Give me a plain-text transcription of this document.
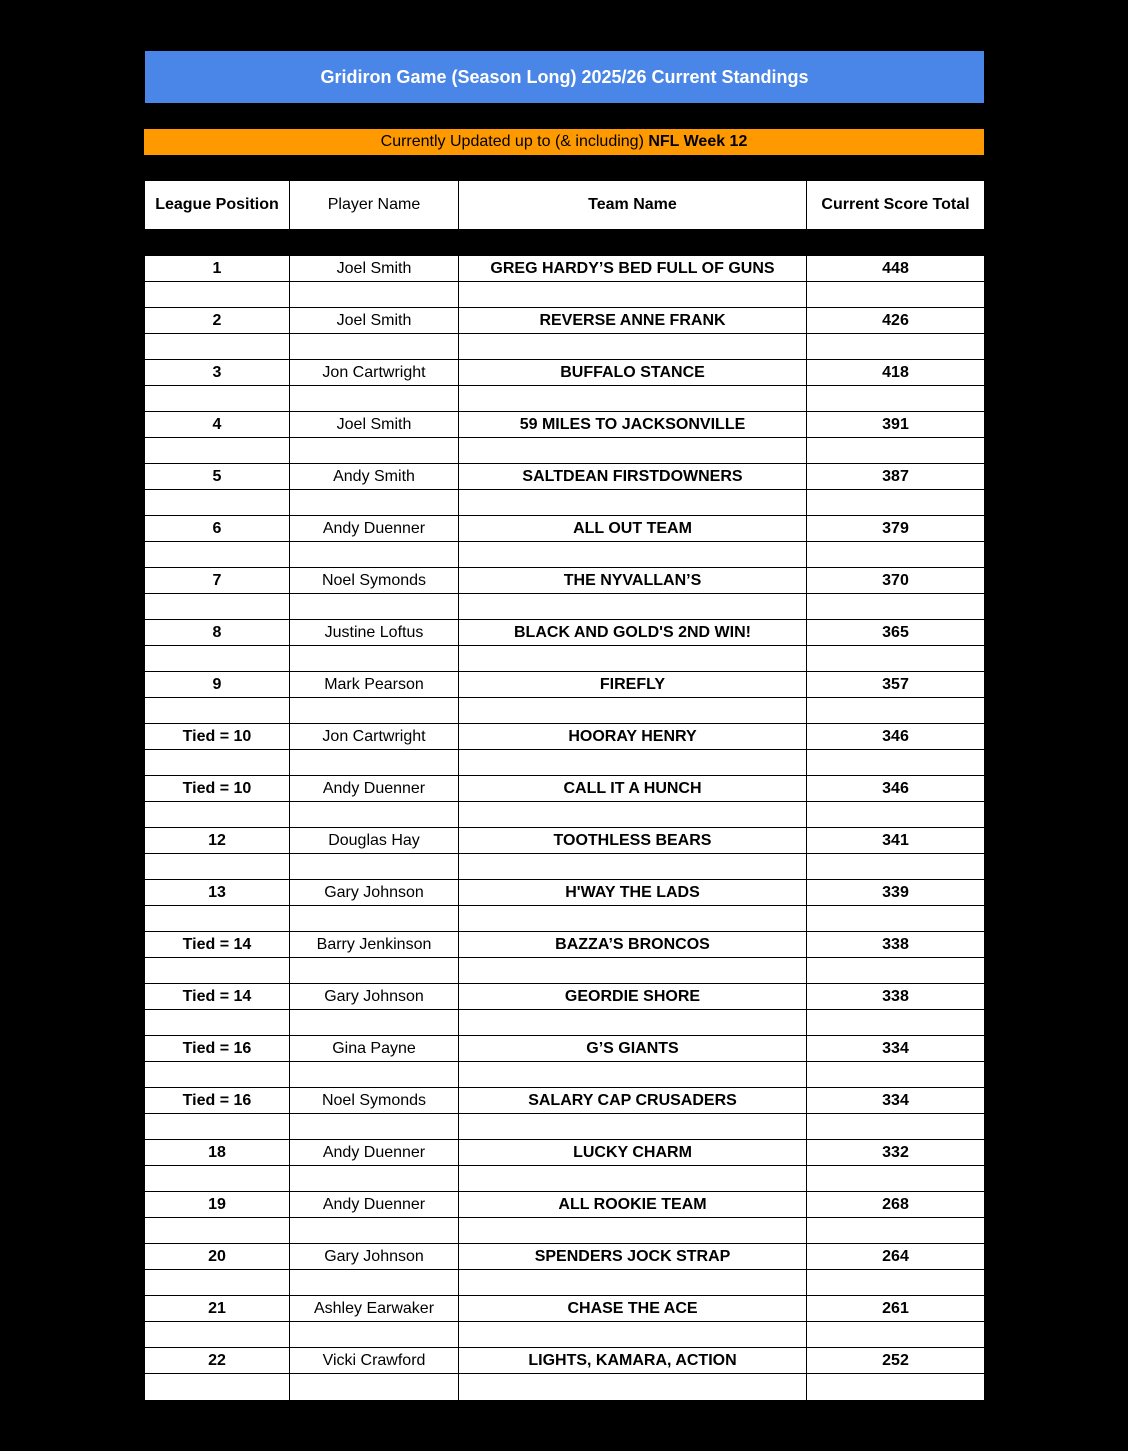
Gridiron Game (Season Long) 2025/26 Current Standings
Currently Updated up to (& including) NFL Week 12
League Position	Player Name	Team Name	Current Score Total
1	Joel Smith	GREG HARDY’S BED FULL OF GUNS	448
2	Joel Smith	REVERSE ANNE FRANK	426
3	Jon Cartwright	BUFFALO STANCE	418
4	Joel Smith	59 MILES TO JACKSONVILLE	391
5	Andy Smith	SALTDEAN FIRSTDOWNERS	387
6	Andy Duenner	ALL OUT TEAM	379
7	Noel Symonds	THE NYVALLAN’S	370
8	Justine Loftus	BLACK AND GOLD'S 2ND WIN!	365
9	Mark Pearson	FIREFLY	357
Tied = 10	Jon Cartwright	HOORAY HENRY	346
Tied = 10	Andy Duenner	CALL IT A HUNCH	346
12	Douglas Hay	TOOTHLESS BEARS	341
13	Gary Johnson	H'WAY THE LADS	339
Tied = 14	Barry Jenkinson	BAZZA’S BRONCOS	338
Tied = 14	Gary Johnson	GEORDIE SHORE	338
Tied = 16	Gina Payne	G’S GIANTS	334
Tied = 16	Noel Symonds	SALARY CAP CRUSADERS	334
18	Andy Duenner	LUCKY CHARM	332
19	Andy Duenner	ALL ROOKIE TEAM	268
20	Gary Johnson	SPENDERS JOCK STRAP	264
21	Ashley Earwaker	CHASE THE ACE	261
22	Vicki Crawford	LIGHTS, KAMARA, ACTION	252
